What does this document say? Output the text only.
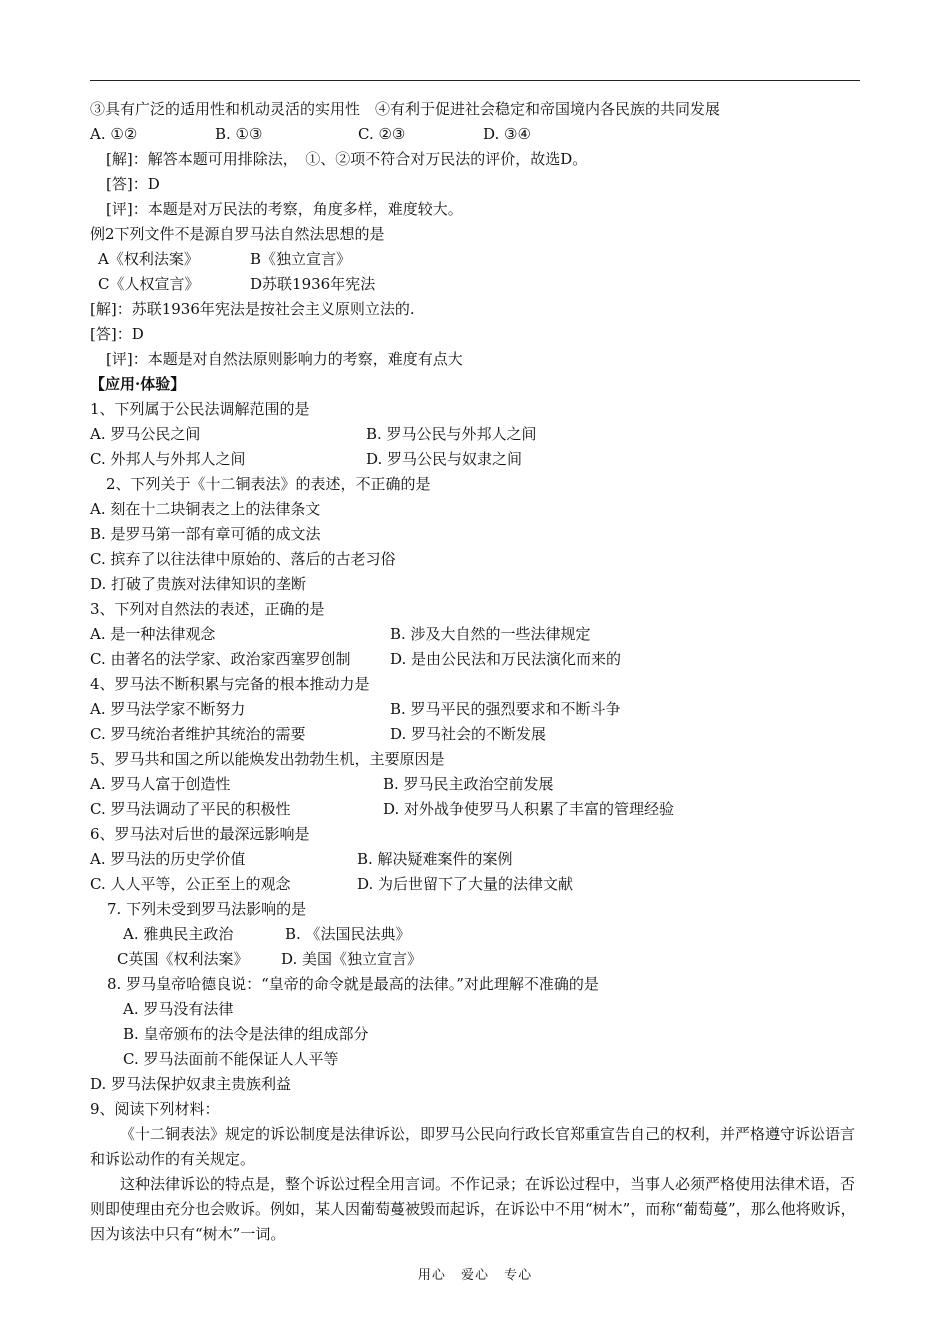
③具有广泛的适用性和机动灵活的实用性　④有利于促进社会稳定和帝国境内各民族的共同发展
A. ①②	B. ①③	C. ②③	D. ③④
[解]：解答本题可用排除法，　①、②项不符合对万民法的评价，故选D。
[答]：D
[评]：本题是对万民法的考察，角度多样，难度较大。
例2下列文件不是源自罗马法自然法思想的是
A《权利法案》	B《独立宣言》
C《人权宣言》	D苏联1936年宪法
[解]：苏联1936年宪法是按社会主义原则立法的.
[答]：D
[评]：本题是对自然法原则影响力的考察，难度有点大
【应用·体验】
1、下列属于公民法调解范围的是
A. 罗马公民之间	B. 罗马公民与外邦人之间
C. 外邦人与外邦人之间	D. 罗马公民与奴隶之间
2、下列关于《十二铜表法》的表述，不正确的是
A. 刻在十二块铜表之上的法律条文
B. 是罗马第一部有章可循的成文法
C. 摈弃了以往法律中原始的、落后的古老习俗
D. 打破了贵族对法律知识的垄断
3、下列对自然法的表述，正确的是
A. 是一种法律观念	B. 涉及大自然的一些法律规定
C. 由著名的法学家、政治家西塞罗创制	D. 是由公民法和万民法演化而来的
4、罗马法不断积累与完备的根本推动力是
A. 罗马法学家不断努力	B. 罗马平民的强烈要求和不断斗争
C. 罗马统治者维护其统治的需要	D. 罗马社会的不断发展
5、罗马共和国之所以能焕发出勃勃生机，主要原因是
A. 罗马人富于创造性	B. 罗马民主政治空前发展
C. 罗马法调动了平民的积极性	D. 对外战争使罗马人积累了丰富的管理经验
6、罗马法对后世的最深远影响是
A. 罗马法的历史学价值	B. 解决疑难案件的案例
C. 人人平等，公正至上的观念	D. 为后世留下了大量的法律文献
7. 下列未受到罗马法影响的是
A. 雅典民主政治	B. 《法国民法典》
C英国《权利法案》 D. 美国《独立宣言》
8. 罗马皇帝哈德良说：“皇帝的命令就是最高的法律。”对此理解不准确的是
A. 罗马没有法律
B. 皇帝颁布的法令是法律的组成部分
C. 罗马法面前不能保证人人平等
D. 罗马法保护奴隶主贵族利益
9、阅读下列材料：
《十二铜表法》规定的诉讼制度是法律诉讼，即罗马公民向行政长官郑重宣告自己的权利，并严格遵守诉讼语言和诉讼动作的有关规定。
这种法律诉讼的特点是，整个诉讼过程全用言词。不作记录；在诉讼过程中，当事人必须严格使用法律术语，否则即使理由充分也会败诉。例如，某人因葡萄蔓被毁而起诉，在诉讼中不用“树木”，而称“葡萄蔓”，那么他将败诉，因为该法中只有“树木”一词。
用心 爱心 专心
